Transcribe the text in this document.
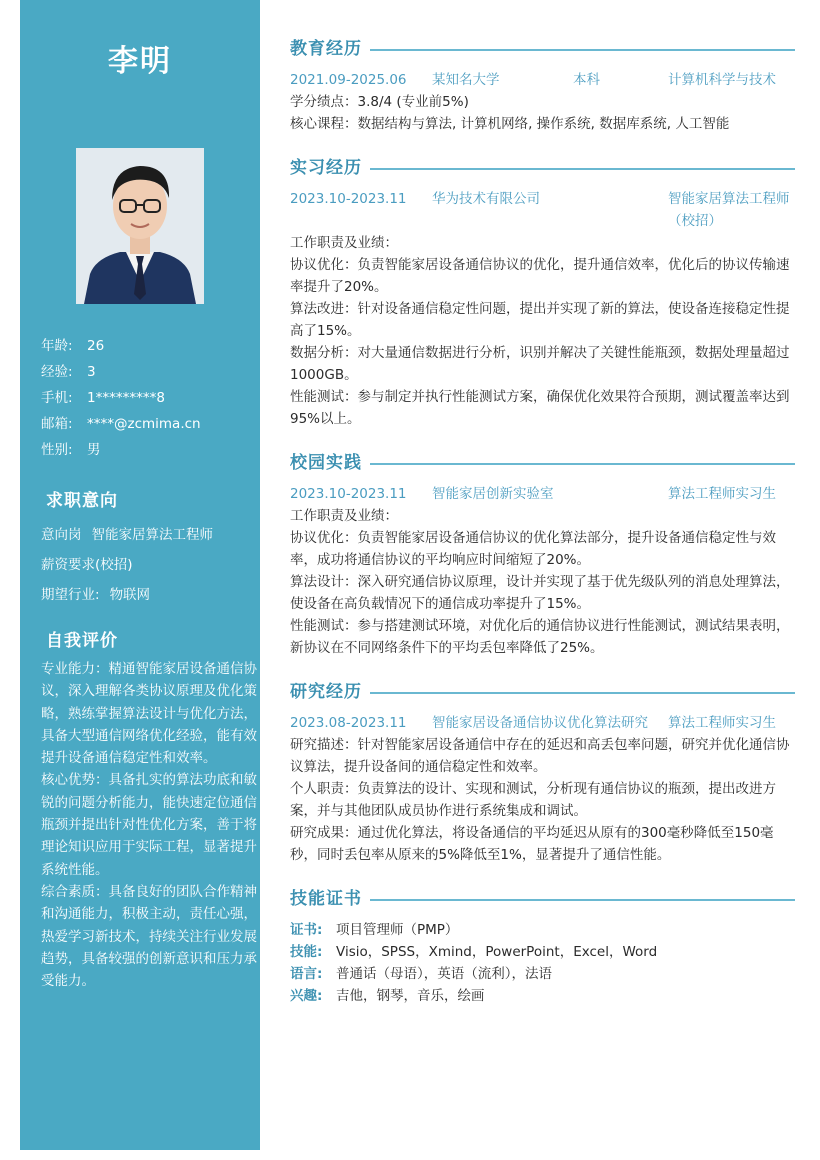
李明
年龄: 26
经验: 3
手机: 1*********8
邮箱: ****@zcmima.cn
性别: 男
求职意向
意向岗 智能家居算法工程师
薪资要求(校招)
期望行业: 物联网
自我评价

专业能力：精通智能家居设备通信协议，深入理解各类协议原理及优化策略，熟练掌握算法设计与优化方法，具备大型通信网络优化经验，能有效提升设备通信稳定性和效率。

核心优势：具备扎实的算法功底和敏锐的问题分析能力，能快速定位通信瓶颈并提出针对性优化方案，善于将理论知识应用于实际工程，显著提升系统性能。

综合素质：具备良好的团队合作精神和沟通能力，积极主动，责任心强，热爱学习新技术，持续关注行业发展趋势，具备较强的创新意识和压力承受能力。

教育经历
2021.09-2025.06 某知名大学	本科	计算机科学与技术

学分绩点：3.8/4 (专业前5%)

核心课程：数据结构与算法, 计算机网络, 操作系统, 数据库系统, 人工智能

实习经历
2023.10-2023.11 华为技术有限公司	智能家居算法工程师（校招）

工作职责及业绩：

协议优化：负责智能家居设备通信协议的优化，提升通信效率，优化后的协议传输速率提升了20%。

算法改进：针对设备通信稳定性问题，提出并实现了新的算法，使设备连接稳定性提高了15%。

数据分析：对大量通信数据进行分析，识别并解决了关键性能瓶颈，数据处理量超过1000GB。

性能测试：参与制定并执行性能测试方案，确保优化效果符合预期，测试覆盖率达到95%以上。

校园实践
2023.10-2023.11 智能家居创新实验室	算法工程师实习生

工作职责及业绩：

协议优化：负责智能家居设备通信协议的优化算法部分，提升设备通信稳定性与效率，成功将通信协议的平均响应时间缩短了20%。

算法设计：深入研究通信协议原理，设计并实现了基于优先级队列的消息处理算法，使设备在高负载情况下的通信成功率提升了15%。

性能测试：参与搭建测试环境，对优化后的通信协议进行性能测试，测试结果表明，新协议在不同网络条件下的平均丢包率降低了25%。

研究经历
2023.08-2023.11 智能家居设备通信协议优化算法研究 算法工程师实习生

研究描述：针对智能家居设备通信中存在的延迟和高丢包率问题，研究并优化通信协议算法，提升设备间的通信稳定性和效率。

个人职责：负责算法的设计、实现和测试，分析现有通信协议的瓶颈，提出改进方案，并与其他团队成员协作进行系统集成和调试。

研究成果：通过优化算法，将设备通信的平均延迟从原有的300毫秒降低至150毫秒，同时丢包率从原来的5%降低至1%，显著提升了通信性能。

技能证书
证书: 项目管理师（PMP）
技能: Visio，SPSS，Xmind，PowerPoint，Excel，Word
语言: 普通话（母语），英语（流利），法语
兴趣: 吉他，钢琴，音乐，绘画
